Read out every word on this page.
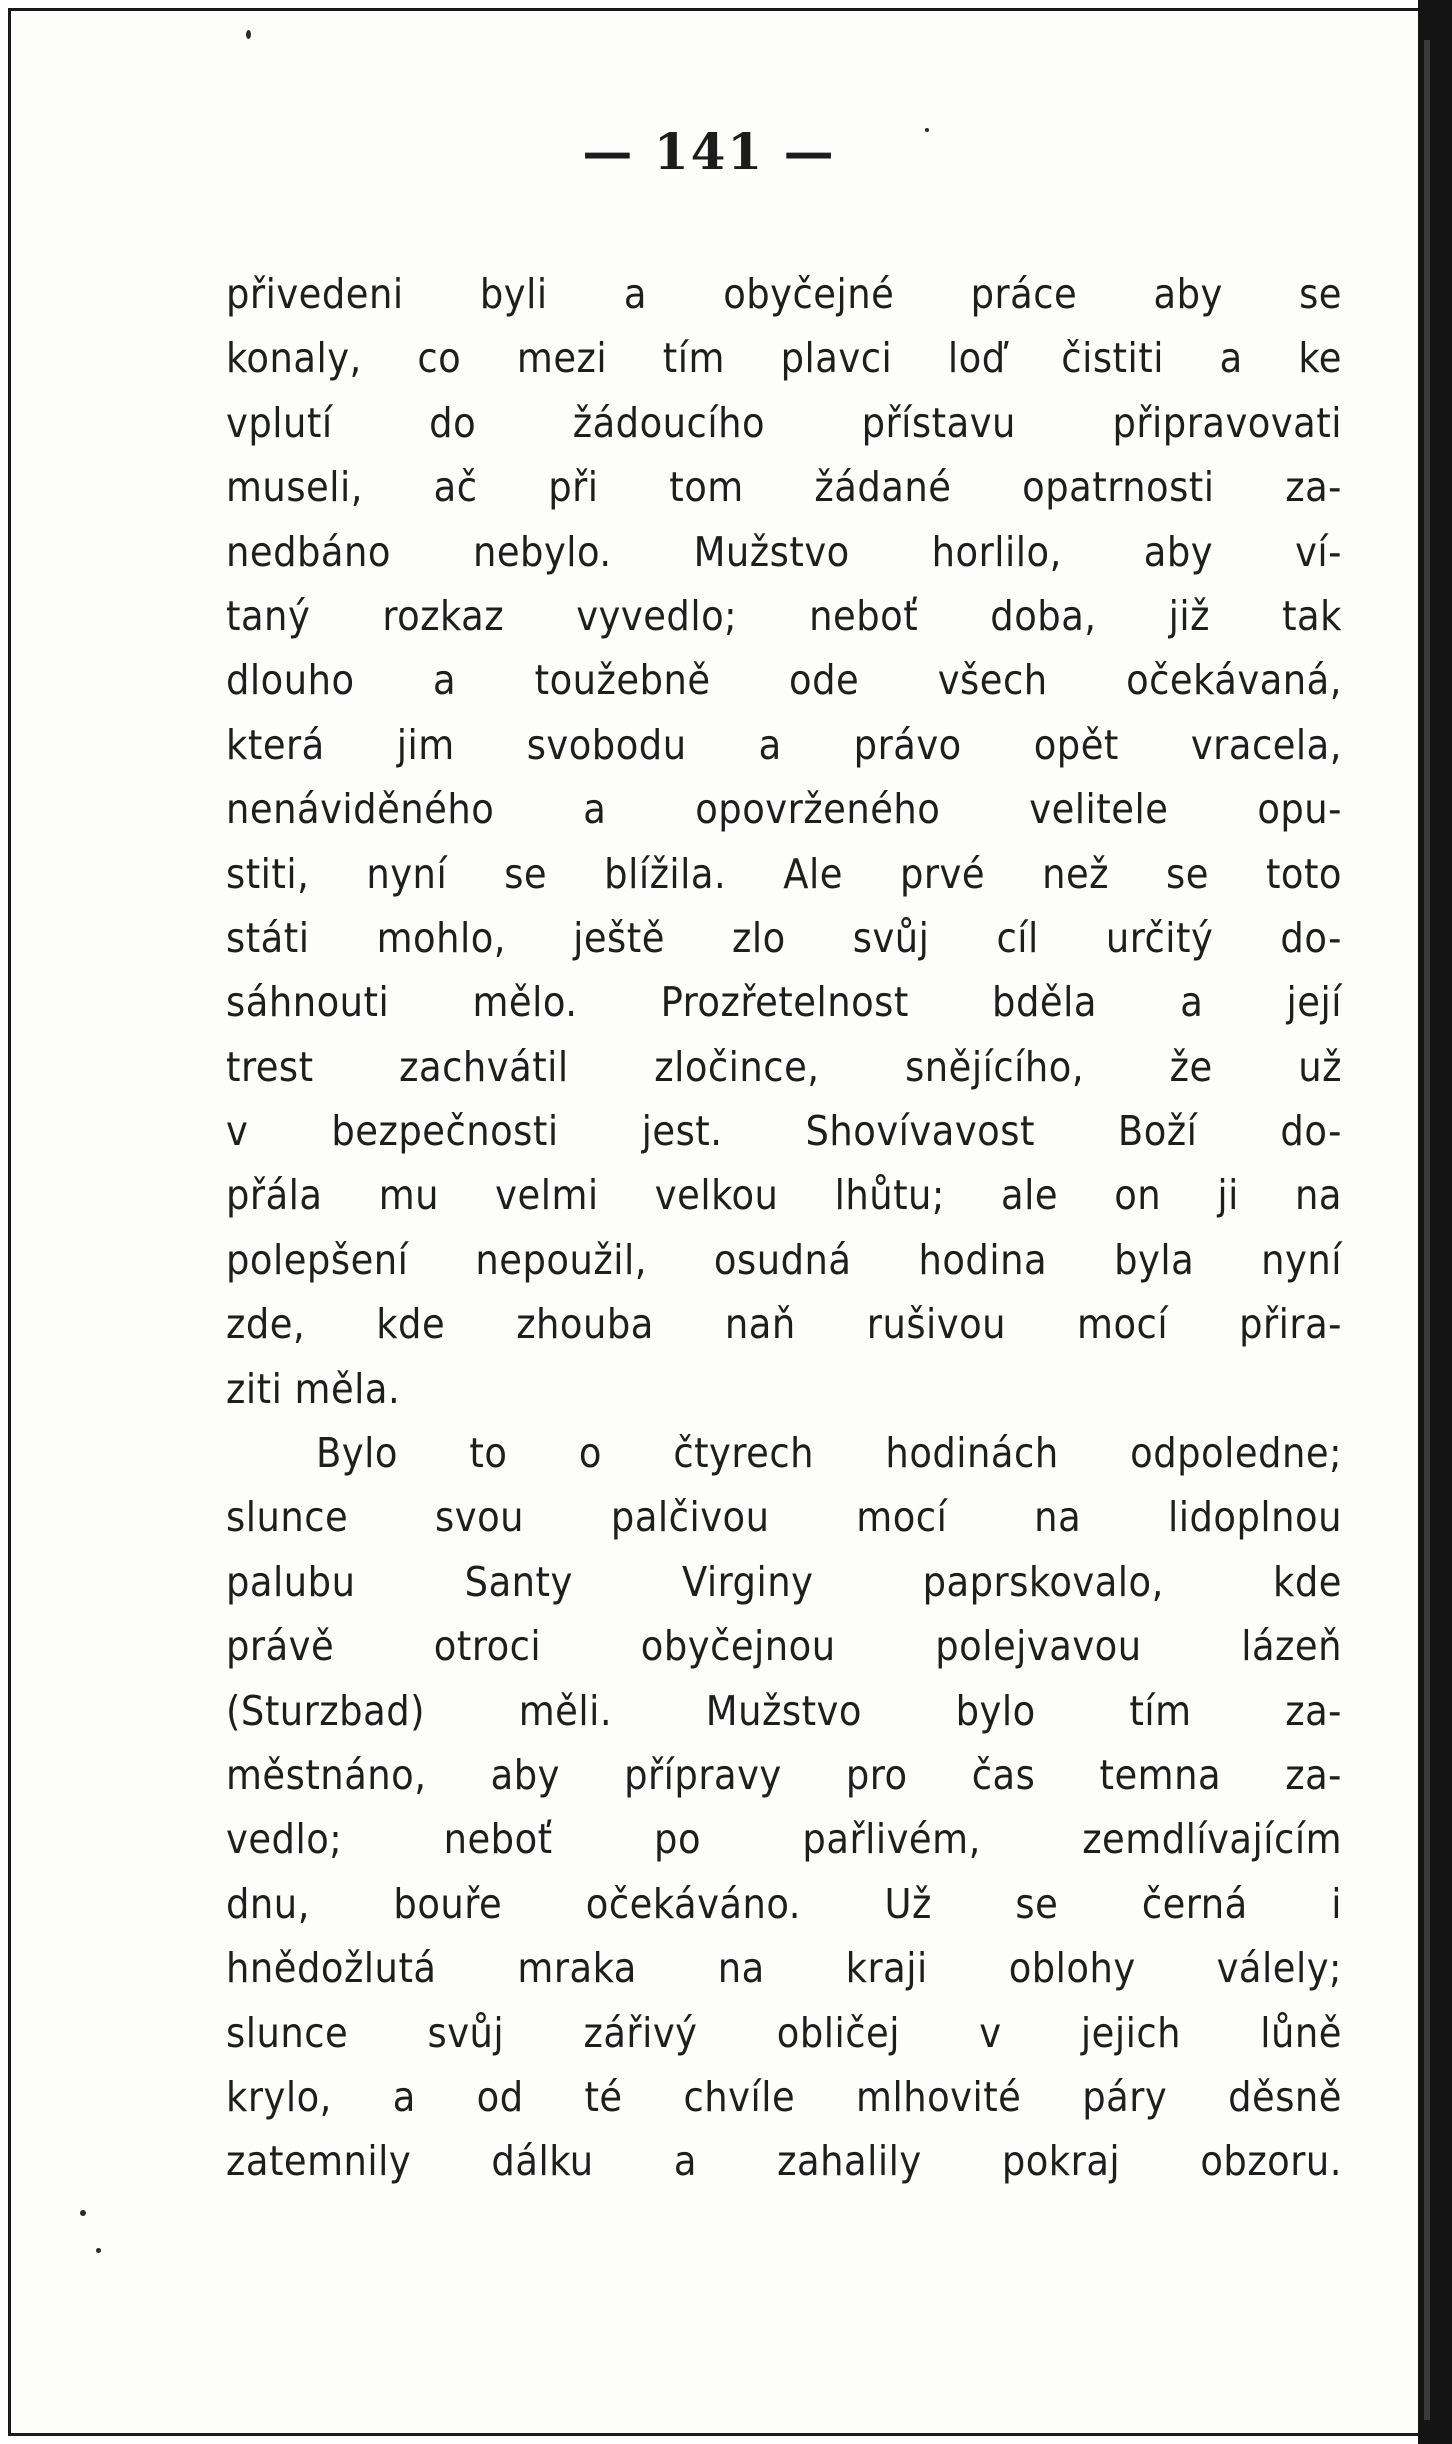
— 141 —
přivedeni byli a obyčejné práce aby se
konaly, co mezi tím plavci loď čistiti a ke
vplutí do žádoucího přístavu připravovati
museli, ač při tom žádané opatrnosti za-
nedbáno nebylo. Mužstvo horlilo, aby ví-
taný rozkaz vyvedlo; neboť doba, již tak
dlouho a toužebně ode všech očekávaná,
která jim svobodu a právo opět vracela,
nenáviděného a opovrženého velitele opu-
stiti, nyní se blížila. Ale prvé než se toto
státi mohlo, ještě zlo svůj cíl určitý do-
sáhnouti mělo. Prozřetelnost bděla a její
trest zachvátil zločince, snějícího, že už
v bezpečnosti jest. Shovívavost Boží do-
přála mu velmi velkou lhůtu; ale on ji na
polepšení nepoužil, osudná hodina byla nyní
zde, kde zhouba naň rušivou mocí přira-
ziti měla.
Bylo to o čtyrech hodinách odpoledne;
slunce svou palčivou mocí na lidoplnou
palubu Santy Virginy paprskovalo, kde
právě otroci obyčejnou polejvavou lázeň
(Sturzbad) měli. Mužstvo bylo tím za-
městnáno, aby přípravy pro čas temna za-
vedlo; neboť po pařlivém, zemdlívajícím
dnu, bouře očekáváno. Už se černá i
hnědožlutá mraka na kraji oblohy válely;
slunce svůj zářivý obličej v jejich lůně
krylo, a od té chvíle mlhovité páry děsně
zatemnily dálku a zahalily pokraj obzoru.
